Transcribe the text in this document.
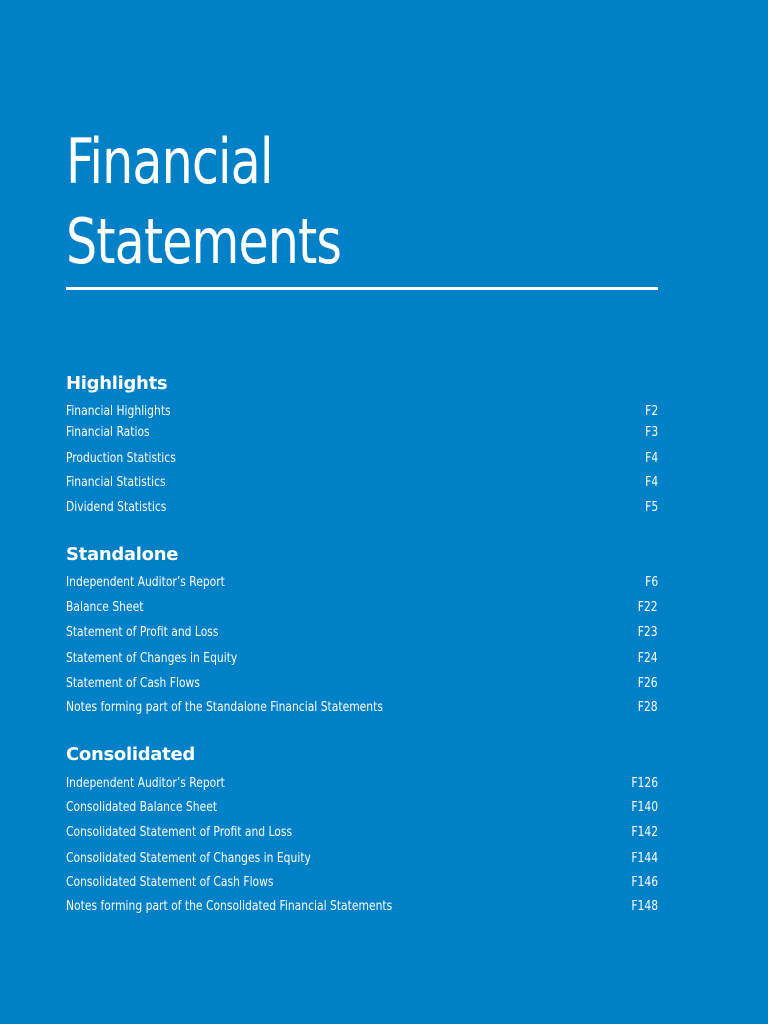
Financial
Statements
Highlights
Financial Highlights	F2
Financial Ratios	F3
Production Statistics	F4
Financial Statistics	F4
Dividend Statistics	F5
Standalone
Independent Auditor’s Report	F6
Balance Sheet	F22
Statement of Profit and Loss	F23
Statement of Changes in Equity	F24
Statement of Cash Flows	F26
Notes forming part of the Standalone Financial Statements	F28
Consolidated
Independent Auditor’s Report	F126
Consolidated Balance Sheet	F140
Consolidated Statement of Profit and Loss	F142
Consolidated Statement of Changes in Equity	F144
Consolidated Statement of Cash Flows	F146
Notes forming part of the Consolidated Financial Statements	F148
